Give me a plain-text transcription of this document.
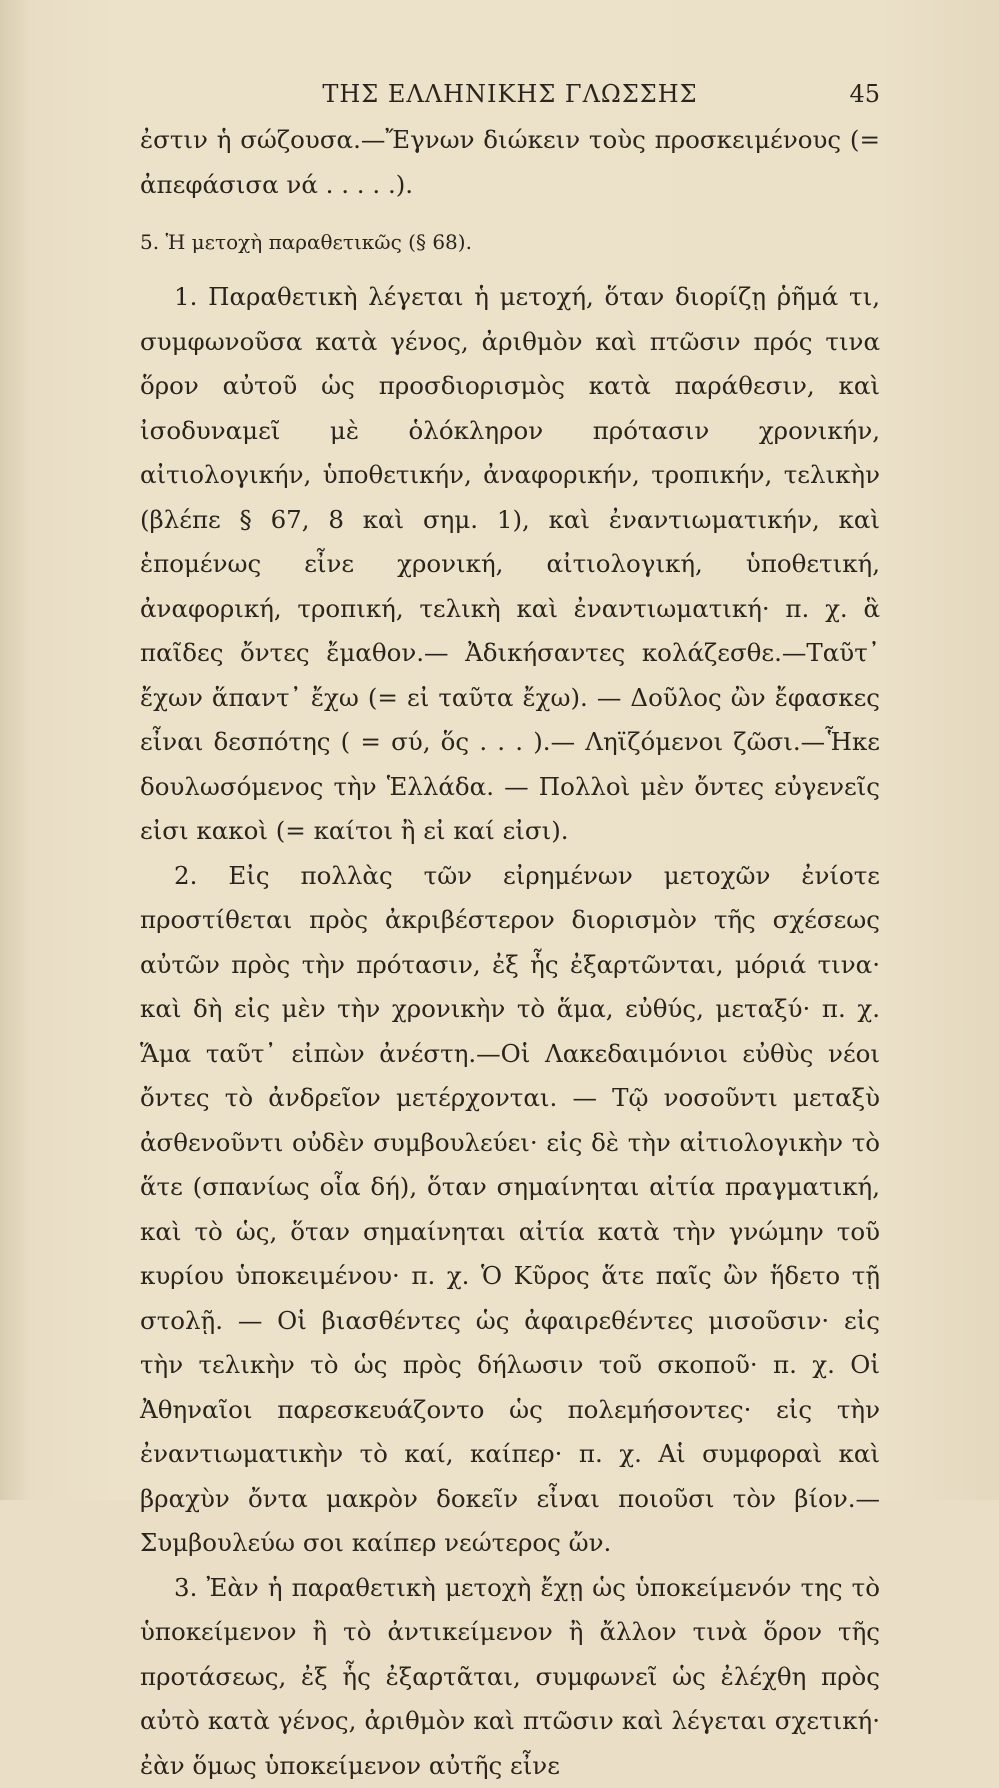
ΤΗΣ ΕΛΛΗΝΙΚΗΣ ΓΛΩΣΣΗΣ	45

ἐστιν ἡ σώζουσα.—Ἔγνων διώκειν τοὺς προσκειμένους (= ἀπεφάσισα νά . . . . .).

5. Ἡ μετοχὴ παραθετικῶς (§ 68).

1. Παραθετικὴ λέγεται ἡ μετοχή, ὅταν διορίζῃ ῥῆμά τι, συμφωνοῦσα κατὰ γένος, ἀριθμὸν καὶ πτῶσιν πρός τινα ὅρον αὐτοῦ ὡς προσδιορισμὸς κατὰ παράθεσιν, καὶ ἰσοδυναμεῖ μὲ ὁλόκληρον πρότασιν χρονικήν, αἰτιολογικήν, ὑποθετικήν, ἀναφορικήν, τροπικήν, τελικὴν (βλέπε § 67, 8 καὶ σημ. 1), καὶ ἐναντιωματικήν, καὶ ἑπομένως εἶνε χρονική, αἰτιολογική, ὑποθετική, ἀναφορική, τροπική, τελικὴ καὶ ἐναντιωματική· π. χ. ἃ παῖδες ὄντες ἔμαθον.— Ἀδικήσαντες κολάζεσθε.—Ταῦτ᾽ ἔχων ἅπαντ᾽ ἔχω (= εἰ ταῦτα ἔχω). — Δοῦλος ὢν ἔφασκες εἶναι δεσπότης ( = σύ, ὅς . . . ).— Ληϊζόμενοι ζῶσι.—Ἧκε δουλωσόμενος τὴν Ἑλλάδα. — Πολλοὶ μὲν ὄντες εὐγενεῖς εἰσι κακοὶ (= καίτοι ἢ εἰ καί εἰσι).

2. Εἰς πολλὰς τῶν εἰρημένων μετοχῶν ἐνίοτε προστίθεται πρὸς ἀκριβέστερον διορισμὸν τῆς σχέσεως αὐτῶν πρὸς τὴν πρότασιν, ἐξ ἧς ἐξαρτῶνται, μόριά τινα· καὶ δὴ εἰς μὲν τὴν χρονικὴν τὸ ἅμα, εὐθύς, μεταξύ· π. χ. Ἅμα ταῦτ᾽ εἰπὼν ἀνέστη.—Οἱ Λακεδαιμόνιοι εὐθὺς νέοι ὄντες τὸ ἀνδρεῖον μετέρχονται. — Τῷ νοσοῦντι μεταξὺ ἀσθενοῦντι οὐδὲν συμβουλεύει· εἰς δὲ τὴν αἰτιολογικὴν τὸ ἅτε (σπανίως οἷα δή), ὅταν σημαίνηται αἰτία πραγματική, καὶ τὸ ὡς, ὅταν σημαίνηται αἰτία κατὰ τὴν γνώμην τοῦ κυρίου ὑποκειμένου· π. χ. Ὁ Κῦρος ἅτε παῖς ὢν ἥδετο τῇ στολῇ. — Οἱ βιασθέντες ὡς ἀφαιρεθέντες μισοῦσιν· εἰς τὴν τελικὴν τὸ ὡς πρὸς δήλωσιν τοῦ σκοποῦ· π. χ. Οἱ Ἀθηναῖοι παρεσκευάζοντο ὡς πολεμήσοντες· εἰς τὴν ἐναντιωματικὴν τὸ καί, καίπερ· π. χ. Αἱ συμφοραὶ καὶ βραχὺν ὄντα μακρὸν δοκεῖν εἶναι ποιοῦσι τὸν βίον.—Συμβουλεύω σοι καίπερ νεώτερος ὤν.

3. Ἐὰν ἡ παραθετικὴ μετοχὴ ἔχῃ ὡς ὑποκείμενόν της τὸ ὑποκείμενον ἢ τὸ ἀντικείμενον ἢ ἄλλον τινὰ ὅρον τῆς προτάσεως, ἐξ ἧς ἐξαρτᾶται, συμφωνεῖ ὡς ἐλέχθη πρὸς αὐτὸ κατὰ γένος, ἀριθμὸν καὶ πτῶσιν καὶ λέγεται σχετική· ἐὰν ὅμως ὑποκείμενον αὐτῆς εἶνε
